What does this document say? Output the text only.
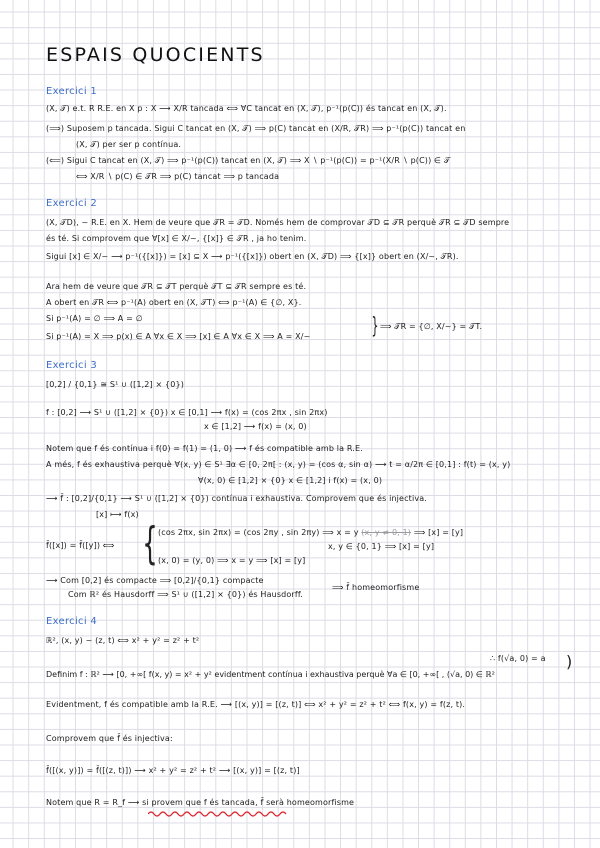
ESPAIS QUOCIENTS
Exercici 1
(X, 𝒯) e.t. R R.E. en X p : X ⟶ X/R tancada ⟺ ∀C tancat en (X, 𝒯), p⁻¹(p(C)) és tancat en (X, 𝒯).
(⟹) Suposem p tancada. Sigui C tancat en (X, 𝒯) ⟹ p(C) tancat en (X/R, 𝒯R) ⟹ p⁻¹(p(C)) tancat en
(X, 𝒯) per ser p contínua.
(⟸) Sigui C tancat en (X, 𝒯) ⟹ p⁻¹(p(C)) tancat en (X, 𝒯) ⟹ X ∖ p⁻¹(p(C)) = p⁻¹(X/R ∖ p(C)) ∈ 𝒯
⟺ X/R ∖ p(C) ∈ 𝒯R ⟹ p(C) tancat ⟹ p tancada
Exercici 2
(X, 𝒯D), ~ R.E. en X. Hem de veure que 𝒯R = 𝒯D. Només hem de comprovar 𝒯D ⊆ 𝒯R perquè 𝒯R ⊆ 𝒯D sempre
és té. Si comprovem que ∀[x] ∈ X/~, {[x]} ∈ 𝒯R , ja ho tenim.
Sigui [x] ∈ X/~ ⟶ p⁻¹({[x]}) = [x] ⊆ X ⟶ p⁻¹({[x]}) obert en (X, 𝒯D) ⟹ {[x]} obert en (X/~, 𝒯R).
Ara hem de veure que 𝒯R ⊆ 𝒯T perquè 𝒯T ⊆ 𝒯R sempre es té.
A obert en 𝒯R ⟺ p⁻¹(A) obert en (X, 𝒯T) ⟺ p⁻¹(A) ∈ {∅, X}.
Si p⁻¹(A) = ∅ ⟹ A = ∅
Si p⁻¹(A) = X ⟹ p(x) ∈ A ∀x ∈ X ⟹ [x] ∈ A ∀x ∈ X ⟹ A = X/~	} ⟹ 𝒯R = {∅, X/~} = 𝒯T.
Exercici 3
[0,2] / {0,1} ≅ S¹ ∪ ([1,2] × {0})
f : [0,2] ⟶ S¹ ∪ ([1,2] × {0}) x ∈ [0,1] ⟶ f(x) = (cos 2πx , sin 2πx)
x ∈ [1,2] ⟶ f(x) = (x, 0)
Notem que f és contínua i f(0) = f(1) = (1, 0) ⟶ f és compatible amb la R.E.
A més, f és exhaustiva perquè ∀(x, y) ∈ S¹ ∃α ∈ [0, 2π[ : (x, y) = (cos α, sin α) ⟶ t = α/2π ∈ [0,1] : f(t) = (x, y)
∀(x, 0) ∈ [1,2] × {0} x ∈ [1,2] i f(x) = (x, 0)
⟶ f̄ : [0,2]/{0,1} ⟶ S¹ ∪ ([1,2] × {0}) contínua i exhaustiva. Comprovem que és injectiva.
[x] ⟼ f(x)
f̄([x]) = f̄([y]) ⟺ { (cos 2πx, sin 2πx) = (cos 2πy , sin 2πy) ⟹ x = y (x, y ≠ 0, 1) ⟹ [x] = [y]
x, y ∈ {0, 1} ⟹ [x] = [y]
(x, 0) = (y, 0) ⟹ x = y ⟹ [x] = [y]
⟶ Com [0,2] és compacte ⟹ [0,2]/{0,1} compacte
Com ℝ² és Hausdorff ⟹ S¹ ∪ ([1,2] × {0}) és Hausdorff.
⟹ f̄ homeomorfisme
Exercici 4
ℝ², (x, y) ~ (z, t) ⟺ x² + y² = z² + t²
∴ f(√a, 0) = a
Definim f : ℝ² ⟶ [0, +∞[ f(x, y) = x² + y² evidentment contínua i exhaustiva perquè ∀a ∈ [0, +∞[ , (√a, 0) ∈ ℝ²
)
Evidentment, f és compatible amb la R.E. ⟶ [(x, y)] = [(z, t)] ⟺ x² + y² = z² + t² ⟺ f(x, y) = f(z, t).
Comprovem que f̄ és injectiva:
f̄([(x, y)]) = f̄([(z, t)]) ⟶ x² + y² = z² + t² ⟶ [(x, y)] = [(z, t)]
Notem que R = R_f ⟶ si provem que f és tancada, f̄ serà homeomorfisme
